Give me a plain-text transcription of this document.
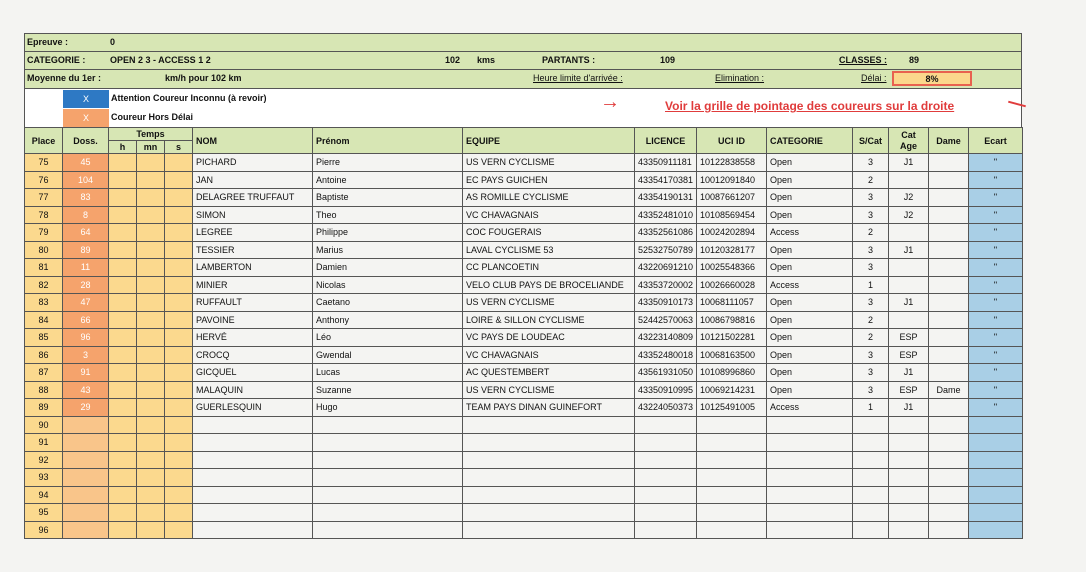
Epreuve :	0
CATEGORIE :	OPEN 2 3 - ACCESS 1 2	102 kms	PARTANTS :	109	CLASSES : 89
Moyenne du 1er :	km/h pour 102 km	Heure limite d'arrivée :	Elimination :	Délai :	8%
X	Attention Coureur Inconnu (à revoir)
X	Coureur Hors Délai
→	Voir la grille de pointage des coureurs sur la droite
Place	Doss.	Temps			NOM	Prénom	EQUIPE	LICENCE	UCI ID	CATEGORIE	S/Cat	Cat Age	Dame	Ecart
		h	mn	s										
75	45				PICHARD	Pierre	US VERN CYCLISME	43350911181	10122838558	Open	3	J1		"
76	104				JAN	Antoine	EC PAYS GUICHEN	43354170381	10012091840	Open	2			"
77	83				DELAGREE TRUFFAUT	Baptiste	AS ROMILLE CYCLISME	43354190131	10087661207	Open	3	J2		"
78	8				SIMON	Theo	VC CHAVAGNAIS	43352481010	10108569454	Open	3	J2		"
79	64				LEGREE	Philippe	COC FOUGERAIS	43352561086	10024202894	Access	2			"
80	89				TESSIER	Marius	LAVAL CYCLISME 53	52532750789	10120328177	Open	3	J1		"
81	11				LAMBERTON	Damien	CC PLANCOETIN	43220691210	10025548366	Open	3			"
82	28				MINIER	Nicolas	VELO CLUB PAYS DE BROCELIANDE	43353720002	10026660028	Access	1			"
83	47				RUFFAULT	Caetano	US VERN CYCLISME	43350910173	10068111057	Open	3	J1		"
84	66				PAVOINE	Anthony	LOIRE & SILLON CYCLISME	52442570063	10086798816	Open	2			"
85	96				HERVÉ	Léo	VC PAYS DE LOUDEAC	43223140809	10121502281	Open	2	ESP		"
86	3				CROCQ	Gwendal	VC CHAVAGNAIS	43352480018	10068163500	Open	3	ESP		"
87	91				GICQUEL	Lucas	AC QUESTEMBERT	43561931050	10108996860	Open	3	J1		"
88	43				MALAQUIN	Suzanne	US VERN CYCLISME	43350910995	10069214231	Open	3	ESP	Dame	"
89	29				GUERLESQUIN	Hugo	TEAM PAYS DINAN GUINEFORT	43224050373	10125491005	Access	1	J1		"
90														
91														
92														
93														
94														
95														
96														
